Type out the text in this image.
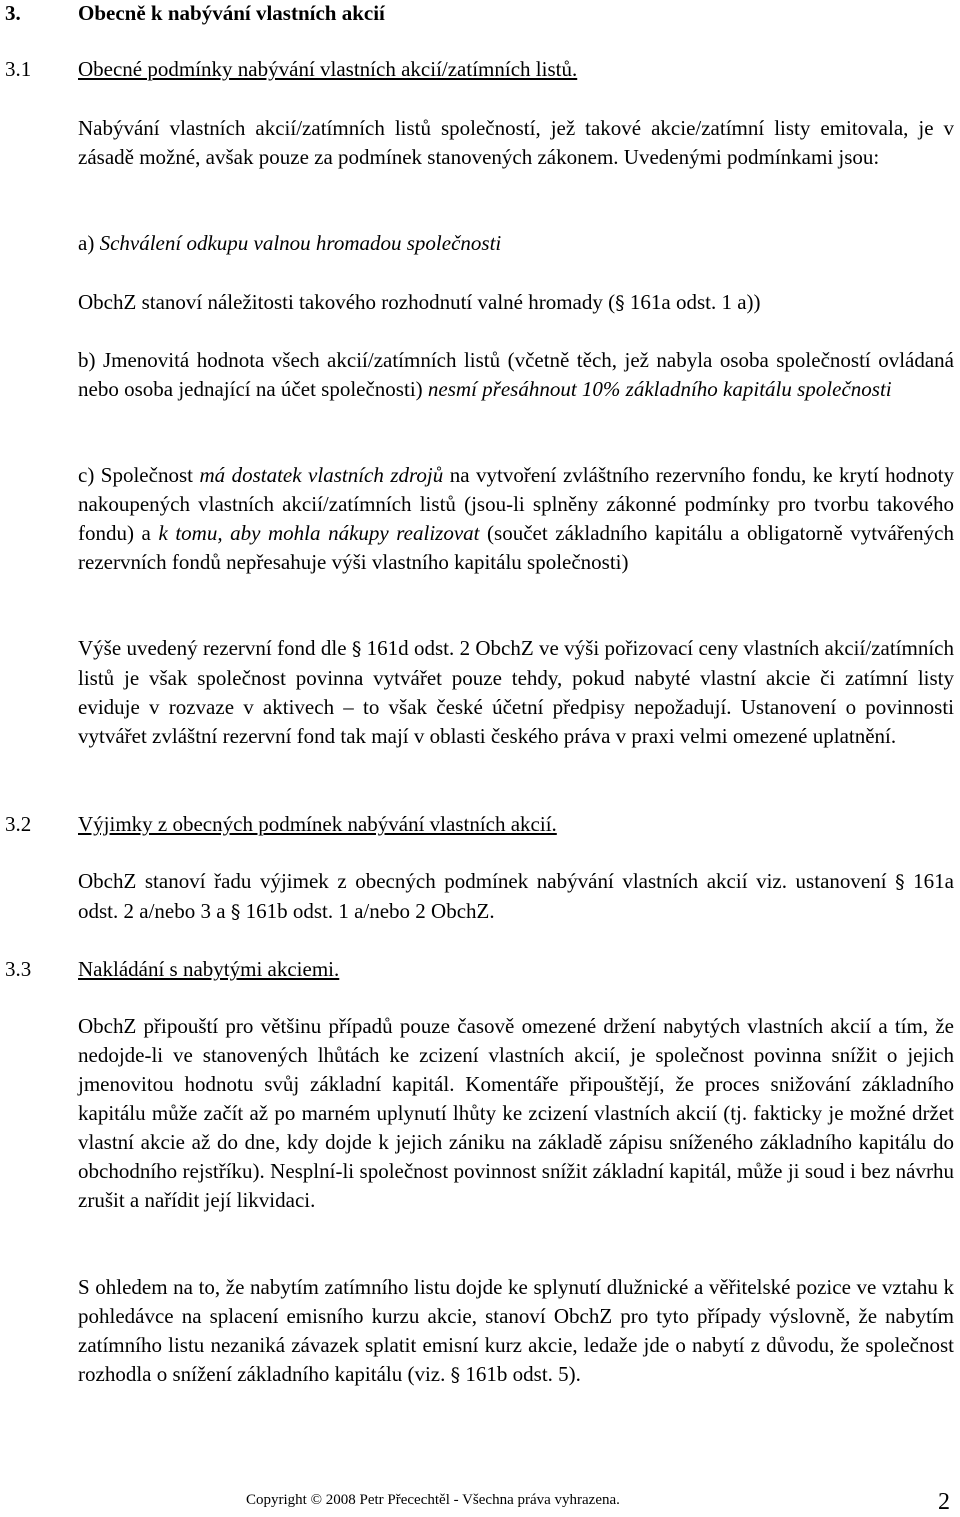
3.	Obecně k nabývání vlastních akcií
3.1 Obecné podmínky nabývání vlastních akcií/zatímních listů.
Nabývání vlastních akcií/zatímních listů společností, jež takové akcie/zatímní listy emitovala, je v zásadě možné, avšak pouze za podmínek stanovených zákonem. Uvedenými podmínkami jsou:
a) Schválení odkupu valnou hromadou společnosti
ObchZ stanoví náležitosti takového rozhodnutí valné hromady (§ 161a odst. 1 a))
b) Jmenovitá hodnota všech akcií/zatímních listů (včetně těch, jež nabyla osoba společností ovládaná nebo osoba jednající na účet společnosti) nesmí přesáhnout 10% základního kapitálu společnosti
c) Společnost má dostatek vlastních zdrojů na vytvoření zvláštního rezervního fondu, ke krytí hodnoty nakoupených vlastních akcií/zatímních listů (jsou-li splněny zákonné podmínky pro tvorbu takového fondu) a k tomu, aby mohla nákupy realizovat (součet základního kapitálu a obligatorně vytvářených rezervních fondů nepřesahuje výši vlastního kapitálu společnosti)
Výše uvedený rezervní fond dle § 161d odst. 2 ObchZ ve výši pořizovací ceny vlastních akcií/zatímních listů je však společnost povinna vytvářet pouze tehdy, pokud nabyté vlastní akcie či zatímní listy eviduje v rozvaze v aktivech – to však české účetní předpisy nepožadují. Ustanovení o povinnosti vytvářet zvláštní rezervní fond tak mají v oblasti českého práva v praxi velmi omezené uplatnění.
3.2 Výjimky z obecných podmínek nabývání vlastních akcií.
ObchZ stanoví řadu výjimek z obecných podmínek nabývání vlastních akcií viz. ustanovení § 161a odst. 2 a/nebo 3 a § 161b odst. 1 a/nebo 2 ObchZ.
3.3 Nakládání s nabytými akciemi.
ObchZ připouští pro většinu případů pouze časově omezené držení nabytých vlastních akcií a tím, že nedojde-li ve stanovených lhůtách ke zcizení vlastních akcií, je společnost povinna snížit o jejich jmenovitou hodnotu svůj základní kapitál. Komentáře připouštějí, že proces snižování základního kapitálu může začít až po marném uplynutí lhůty ke zcizení vlastních akcií (tj. fakticky je možné držet vlastní akcie až do dne, kdy dojde k jejich zániku na základě zápisu sníženého základního kapitálu do obchodního rejstříku). Nesplní-li společnost povinnost snížit základní kapitál, může ji soud i bez návrhu zrušit a nařídit její likvidaci.
S ohledem na to, že nabytím zatímního listu dojde ke splynutí dlužnické a věřitelské pozice ve vztahu k pohledávce na splacení emisního kurzu akcie, stanoví ObchZ pro tyto případy výslovně, že nabytím zatímního listu nezaniká závazek splatit emisní kurz akcie, ledaže jde o nabytí z důvodu, že společnost rozhodla o snížení základního kapitálu (viz. § 161b odst. 5).
Copyright © 2008 Petr Přecechtěl - Všechna práva vyhrazena.	2
